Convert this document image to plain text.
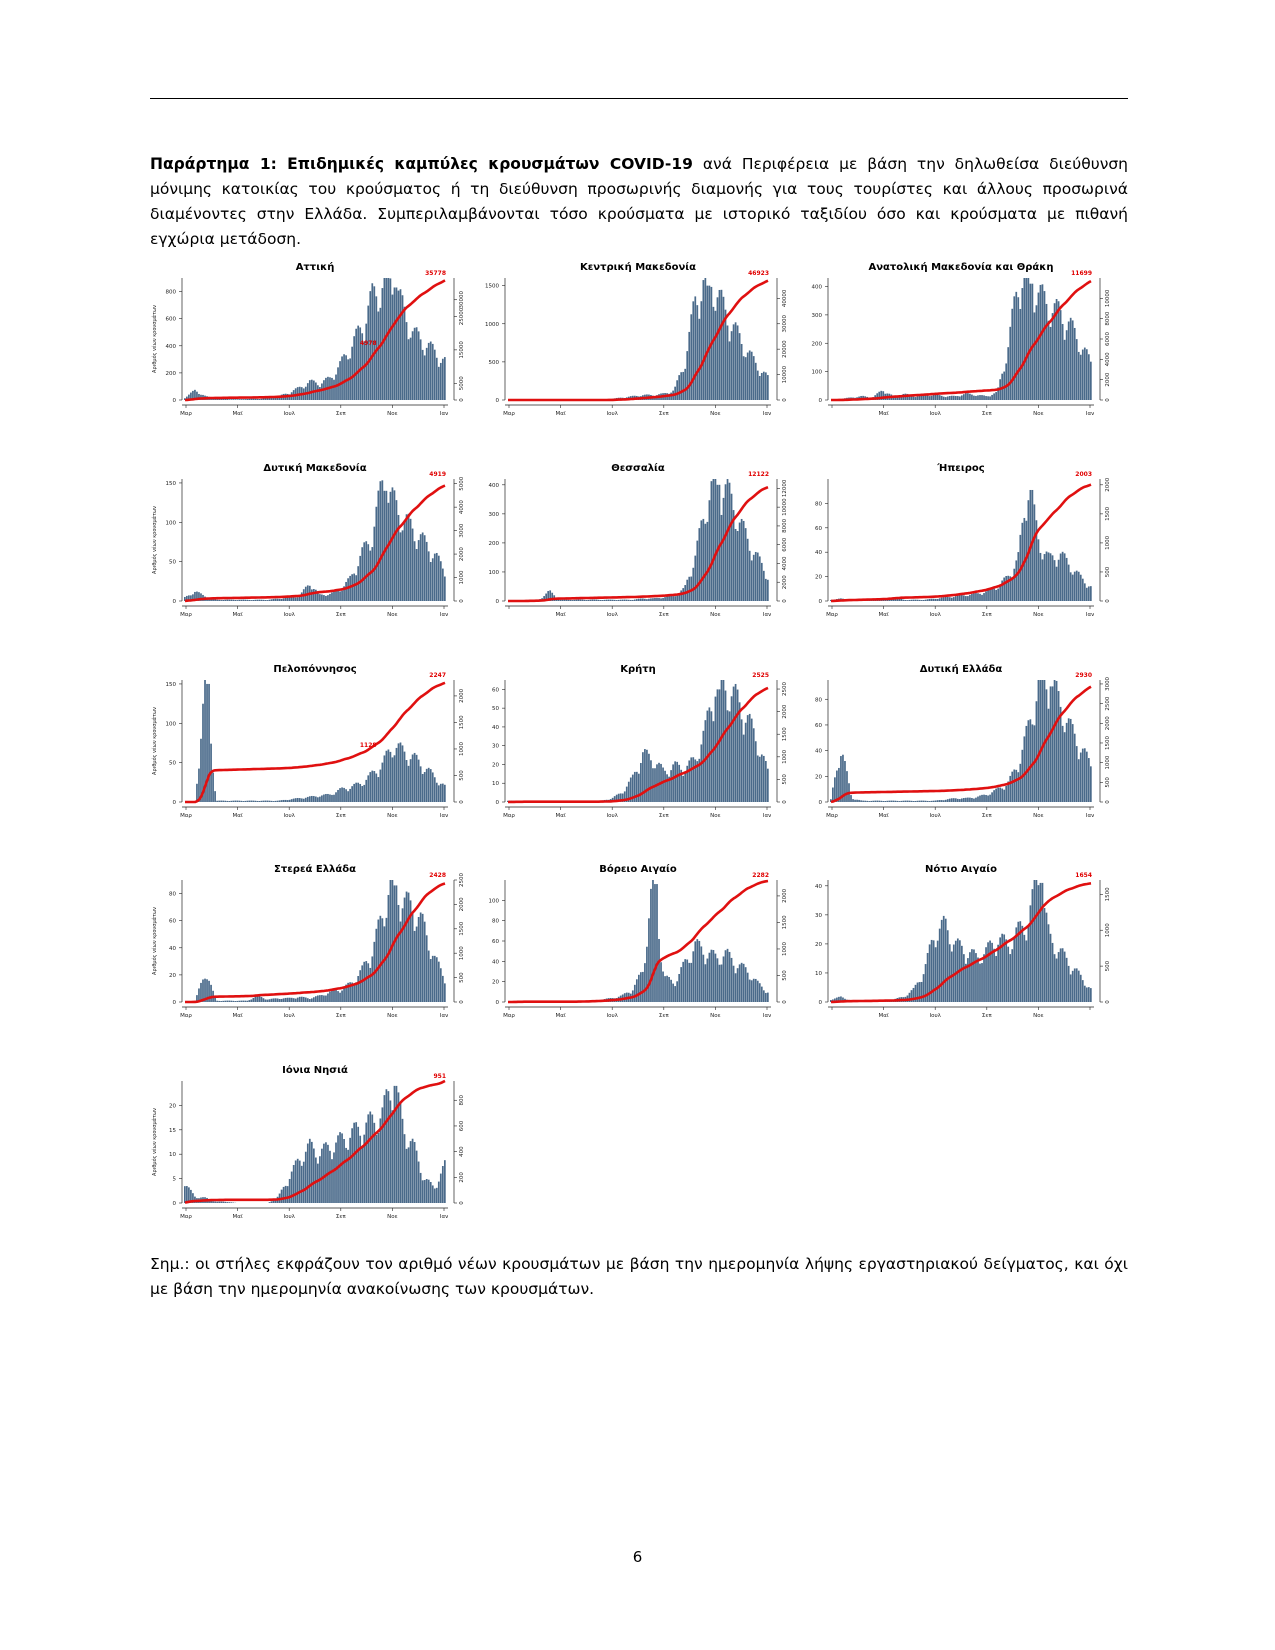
Παράρτημα 1: Επιδημικές καμπύλες κρουσμάτων COVID-19 ανά Περιφέρεια με βάση την δηλωθείσα διεύθυνση μόνιμης κατοικίας του κρούσματος ή τη διεύθυνση προσωρινής διαμονής για τους τουρίστες και άλλους προσωρινά διαμένοντες στην Ελλάδα. Συμπεριλαμβάνονται τόσο κρούσματα με ιστορικό ταξιδίου όσο και κρούσματα με πιθανή εγχώρια μετάδοση.
Αττική
0
200
400
600
800
Αριθμός νέων κρουσμάτων
0
5000
15000
25000
30000
Μαρ	Μαϊ	Ιουλ	Σεπ	Νοε	Ιαν
35778
4978
Κεντρική Μακεδονία
0
500
1000
1500
0
10000
20000
30000
40000
Μαρ	Μαϊ	Ιουλ	Σεπ	Νοε	Ιαν
46923
Ανατολική Μακεδονία και Θράκη
0
100
200
300
400
0
2000
4000
6000
8000
10000
Μαϊ	Ιουλ	Σεπ	Νοε	Ιαν
11699
Δυτική Μακεδονία
0
50
100
150
Αριθμός νέων κρουσμάτων
0
1000
2000
3000
4000
5000
Μαρ	Μαϊ	Ιουλ	Σεπ	Νοε	Ιαν
4919
Θεσσαλία
0
100
200
300
400
0
2000
4000
6000
8000
10000
12000
Μαϊ	Ιουλ	Σεπ	Νοε	Ιαν
12122
Ήπειρος
0
20
40
60
80
0
500
1000
1500
2000
Μαρ	Μαϊ	Ιουλ	Σεπ	Νοε	Ιαν
2003
Πελοπόννησος
0
50
100
150
Αριθμός νέων κρουσμάτων
0
500
1000
1500
2000
Μαρ	Μαϊ	Ιουλ	Σεπ	Νοε	Ιαν
2247
1128
Κρήτη
0
10
20
30
40
50
60
0
500
1000
1500
2000
2500
Μαρ	Μαϊ	Ιουλ	Σεπ	Νοε	Ιαν
2525
Δυτική Ελλάδα
0
20
40
60
80
0
500
1000
1500
2000
2500
3000
Μαρ	Μαϊ	Ιουλ	Σεπ	Νοε	Ιαν
2930
Στερεά Ελλάδα
0
20
40
60
80
Αριθμός νέων κρουσμάτων
0
500
1000
1500
2000
2500
Μαρ	Μαϊ	Ιουλ	Σεπ	Νοε	Ιαν
2428
Βόρειο Αιγαίο
0
20
40
60
80
100
0
500
1000
1500
2000
Μαρ	Μαϊ	Ιουλ	Σεπ	Νοε	Ιαν
2282
Νότιο Αιγαίο
0
10
20
30
40
0
500
1000
1500
Μαϊ	Ιουλ	Σεπ	Νοε
1654
Ιόνια Νησιά
0
5
10
15
20
Αριθμός νέων κρουσμάτων
0
200
400
600
800
Μαρ	Μαϊ	Ιουλ	Σεπ	Νοε	Ιαν
951
Σημ.: οι στήλες εκφράζουν τον αριθμό νέων κρουσμάτων με βάση την ημερομηνία λήψης εργαστηριακού δείγματος, και όχι με βάση την ημερομηνία ανακοίνωσης των κρουσμάτων.
6
